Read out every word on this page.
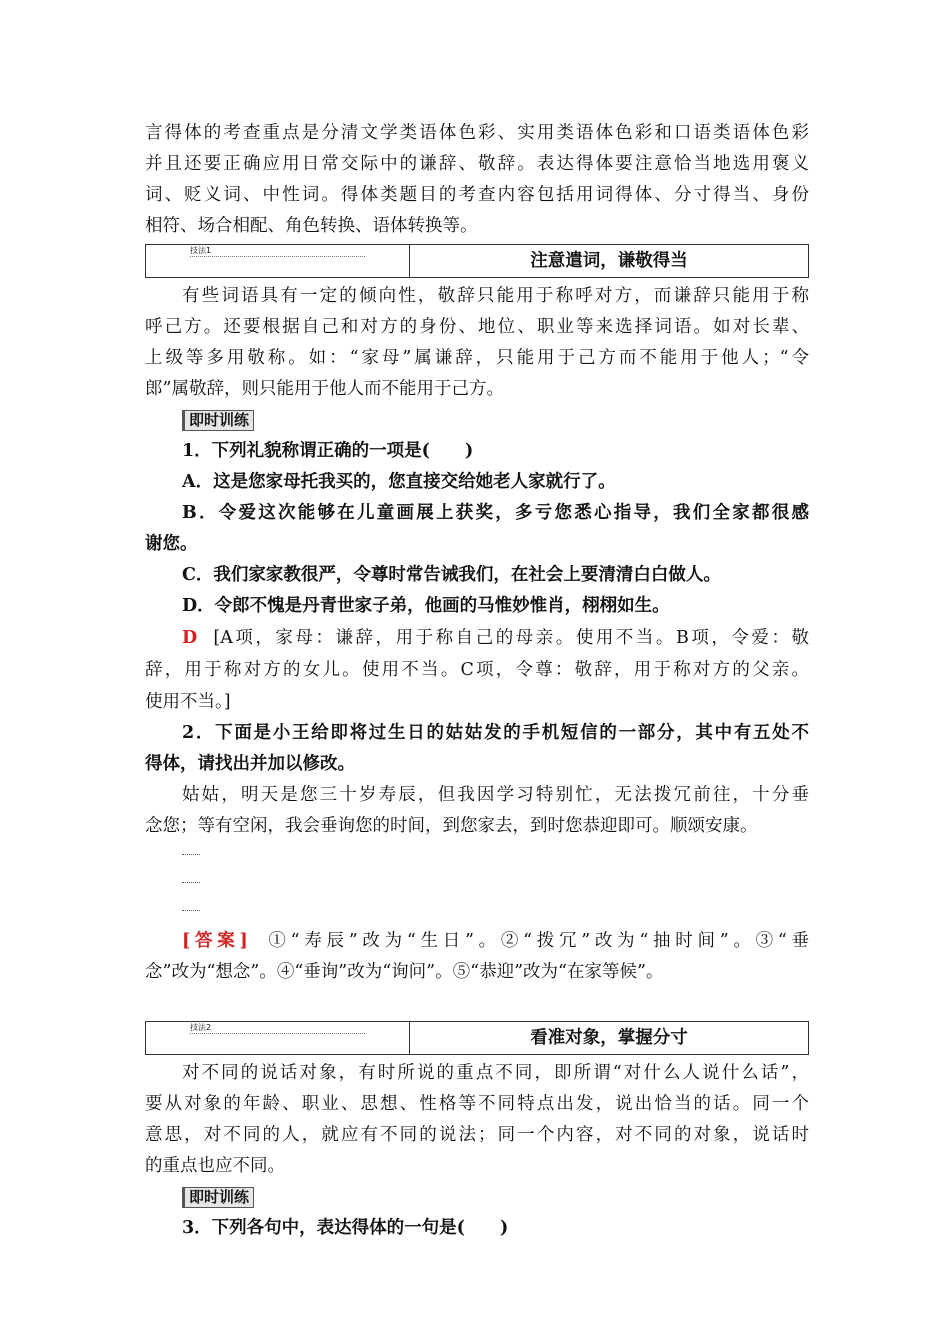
言得体的考查重点是分清文学类语体色彩、实用类语体色彩和口语类语体色彩

并且还要正确应用日常交际中的谦辞、敬辞。表达得体要注意恰当地选用褒义

词、贬义词、中性词。得体类题目的考查内容包括用词得体、分寸得当、身份

相符、场合相配、角色转换、语体转换等。

技法1	注意遣词，谦敬得当

有些词语具有一定的倾向性，敬辞只能用于称呼对方，而谦辞只能用于称

呼己方。还要根据自己和对方的身份、地位、职业等来选择词语。如对长辈、

上级等多用敬称。如：“家母”属谦辞，只能用于己方而不能用于他人；“令

郎”属敬辞，则只能用于他人而不能用于己方。

即时训练

1．下列礼貌称谓正确的一项是(　　)

A．这是您家母托我买的，您直接交给她老人家就行了。

B．令爱这次能够在儿童画展上获奖，多亏您悉心指导，我们全家都很感

谢您。

C．我们家家教很严，令尊时常告诫我们，在社会上要清清白白做人。

D．令郎不愧是丹青世家子弟，他画的马惟妙惟肖，栩栩如生。

D [A项，家母：谦辞，用于称自己的母亲。使用不当。B项，令爱：敬

辞，用于称对方的女儿。使用不当。C项，令尊：敬辞，用于称对方的父亲。

使用不当。]

2．下面是小王给即将过生日的姑姑发的手机短信的一部分，其中有五处不

得体，请找出并加以修改。

姑姑，明天是您三十岁寿辰，但我因学习特别忙，无法拨冗前往，十分垂

念您；等有空闲，我会垂询您的时间，到您家去，到时您恭迎即可。顺颂安康。

[答案] ①“寿辰”改为“生日”。②“拨冗”改为“抽时间”。③“垂

念”改为“想念”。④“垂询”改为“询问”。⑤“恭迎”改为“在家等候”。

技法2	看准对象，掌握分寸

对不同的说话对象，有时所说的重点不同，即所谓“对什么人说什么话”，

要从对象的年龄、职业、思想、性格等不同特点出发，说出恰当的话。同一个

意思，对不同的人，就应有不同的说法；同一个内容，对不同的对象，说话时

的重点也应不同。

即时训练

3．下列各句中，表达得体的一句是(　　)
